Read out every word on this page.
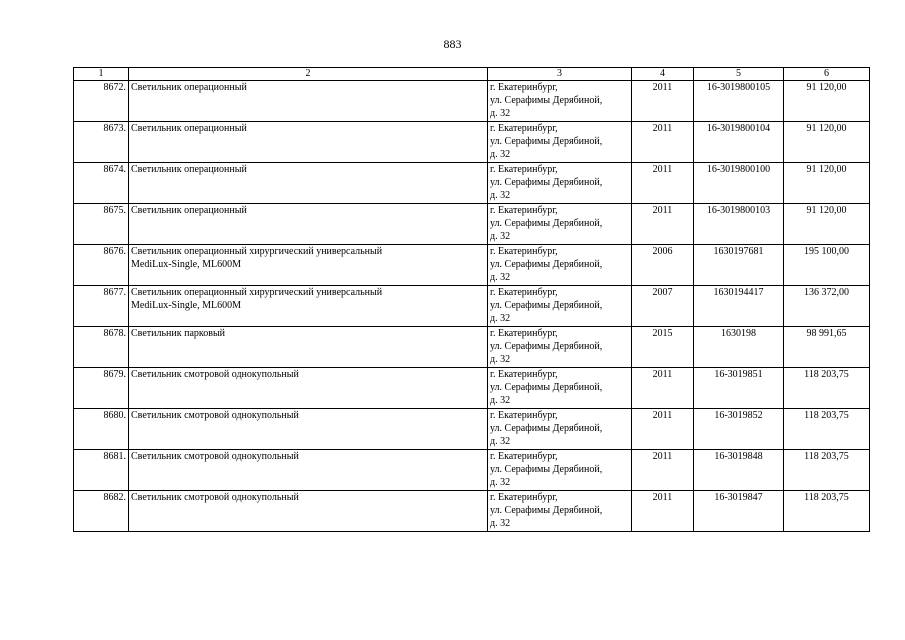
883
1	2	3	4	5	6
8672.	Светильник операционный	г. Екатеринбург,
ул. Серафимы Дерябиной,
д. 32	2011	16-3019800105	91 120,00
8673.	Светильник операционный	г. Екатеринбург,
ул. Серафимы Дерябиной,
д. 32	2011	16-3019800104	91 120,00
8674.	Светильник операционный	г. Екатеринбург,
ул. Серафимы Дерябиной,
д. 32	2011	16-3019800100	91 120,00
8675.	Светильник операционный	г. Екатеринбург,
ул. Серафимы Дерябиной,
д. 32	2011	16-3019800103	91 120,00
8676.	Светильник операционный хирургический универсальный
MediLux-Single, ML600M	г. Екатеринбург,
ул. Серафимы Дерябиной,
д. 32	2006	1630197681	195 100,00
8677.	Светильник операционный хирургический универсальный
MediLux-Single, ML600M	г. Екатеринбург,
ул. Серафимы Дерябиной,
д. 32	2007	1630194417	136 372,00
8678.	Светильник парковый	г. Екатеринбург,
ул. Серафимы Дерябиной,
д. 32	2015	1630198	98 991,65
8679.	Светильник смотровой однокупольный	г. Екатеринбург,
ул. Серафимы Дерябиной,
д. 32	2011	16-3019851	118 203,75
8680.	Светильник смотровой однокупольный	г. Екатеринбург,
ул. Серафимы Дерябиной,
д. 32	2011	16-3019852	118 203,75
8681.	Светильник смотровой однокупольный	г. Екатеринбург,
ул. Серафимы Дерябиной,
д. 32	2011	16-3019848	118 203,75
8682.	Светильник смотровой однокупольный	г. Екатеринбург,
ул. Серафимы Дерябиной,
д. 32	2011	16-3019847	118 203,75
